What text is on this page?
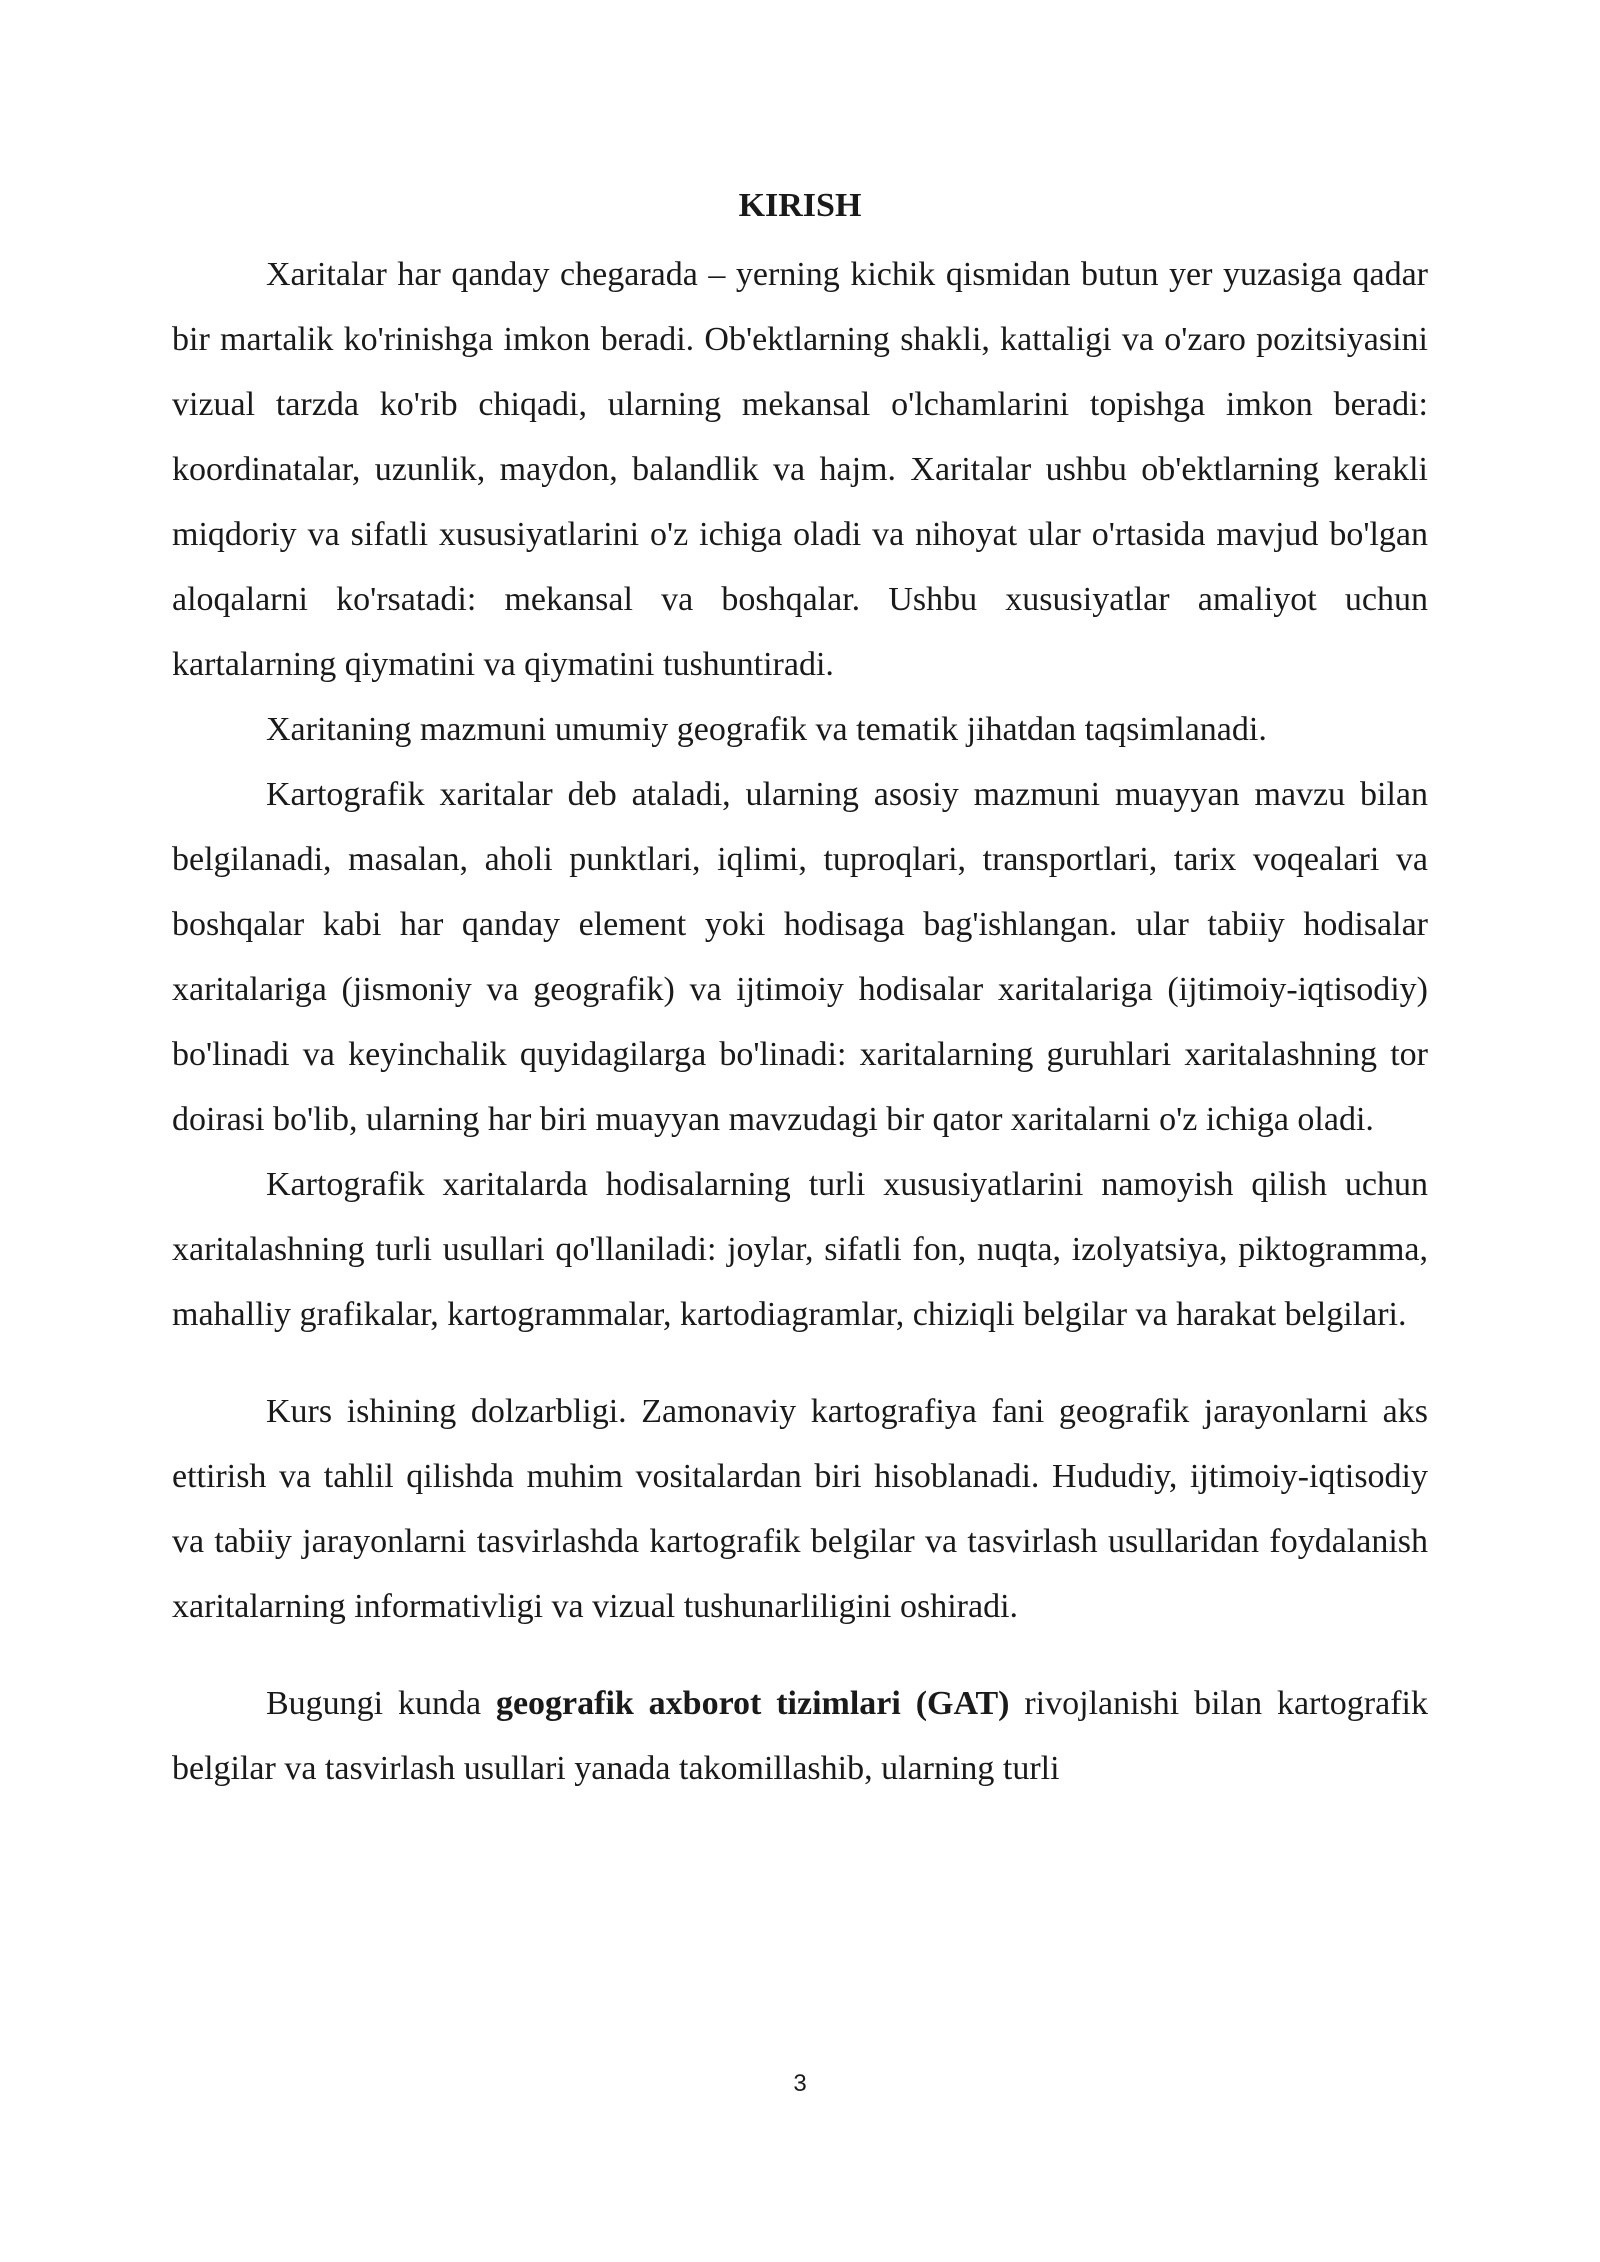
KIRISH

Xaritalar har qanday chegarada – yerning kichik qismidan butun yer yuzasiga qadar bir martalik ko'rinishga imkon beradi. Ob'ektlarning shakli, kattaligi va o'zaro pozitsiyasini vizual tarzda ko'rib chiqadi, ularning mekansal o'lchamlarini topishga imkon beradi: koordinatalar, uzunlik, maydon, balandlik va hajm. Xaritalar ushbu ob'ektlarning kerakli miqdoriy va sifatli xususiyatlarini o'z ichiga oladi va nihoyat ular o'rtasida mavjud bo'lgan aloqalarni ko'rsatadi: mekansal va boshqalar. Ushbu xususiyatlar amaliyot uchun kartalarning qiymatini va qiymatini tushuntiradi.

Xaritaning mazmuni umumiy geografik va tematik jihatdan taqsimlanadi.

Kartografik xaritalar deb ataladi, ularning asosiy mazmuni muayyan mavzu bilan belgilanadi, masalan, aholi punktlari, iqlimi, tuproqlari, transportlari, tarix voqealari va boshqalar kabi har qanday element yoki hodisaga bag'ishlangan. ular tabiiy hodisalar xaritalariga (jismoniy va geografik) va ijtimoiy hodisalar xaritalariga (ijtimoiy-iqtisodiy) bo'linadi va keyinchalik quyidagilarga bo'linadi: xaritalarning guruhlari xaritalashning tor doirasi bo'lib, ularning har biri muayyan mavzudagi bir qator xaritalarni o'z ichiga oladi.

Kartografik xaritalarda hodisalarning turli xususiyatlarini namoyish qilish uchun xaritalashning turli usullari qo'llaniladi: joylar, sifatli fon, nuqta, izolyatsiya, piktogramma, mahalliy grafikalar, kartogrammalar, kartodiagramlar, chiziqli belgilar va harakat belgilari.

Kurs ishining dolzarbligi. Zamonaviy kartografiya fani geografik jarayonlarni aks ettirish va tahlil qilishda muhim vositalardan biri hisoblanadi. Hududiy, ijtimoiy-iqtisodiy va tabiiy jarayonlarni tasvirlashda kartografik belgilar va tasvirlash usullaridan foydalanish xaritalarning informativligi va vizual tushunarliligini oshiradi.

Bugungi kunda geografik axborot tizimlari (GAT) rivojlanishi bilan kartografik belgilar va tasvirlash usullari yanada takomillashib, ularning turli

3
